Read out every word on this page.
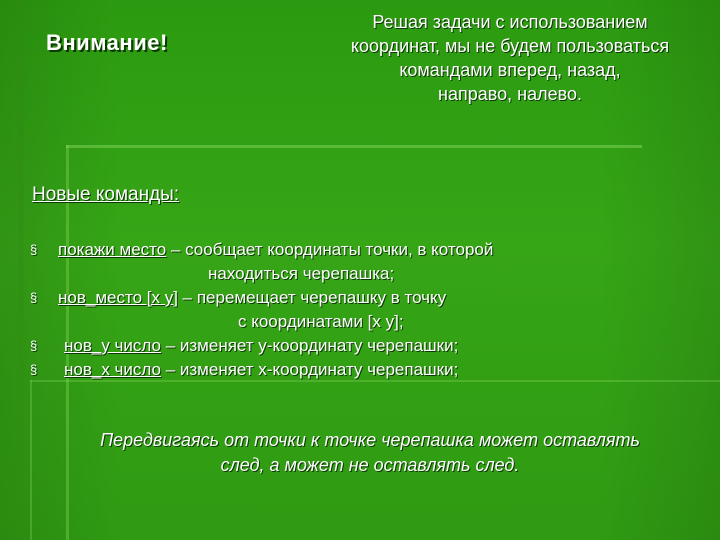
Внимание!
Решая задачи с использованием
координат, мы не будем пользоваться
командами вперед, назад,
направо, налево.
Новые команды:
§ покажи место – сообщает координаты точки, в которой
находиться черепашка;
§ нов_место [х у] – перемещает черепашку в точку
с координатами [х у];
§ нов_у число – изменяет у-координату черепашки;
§ нов_х число – изменяет х-координату черепашки;
Передвигаясь от точки к точке черепашка может оставлять
след, а может не оставлять след.
